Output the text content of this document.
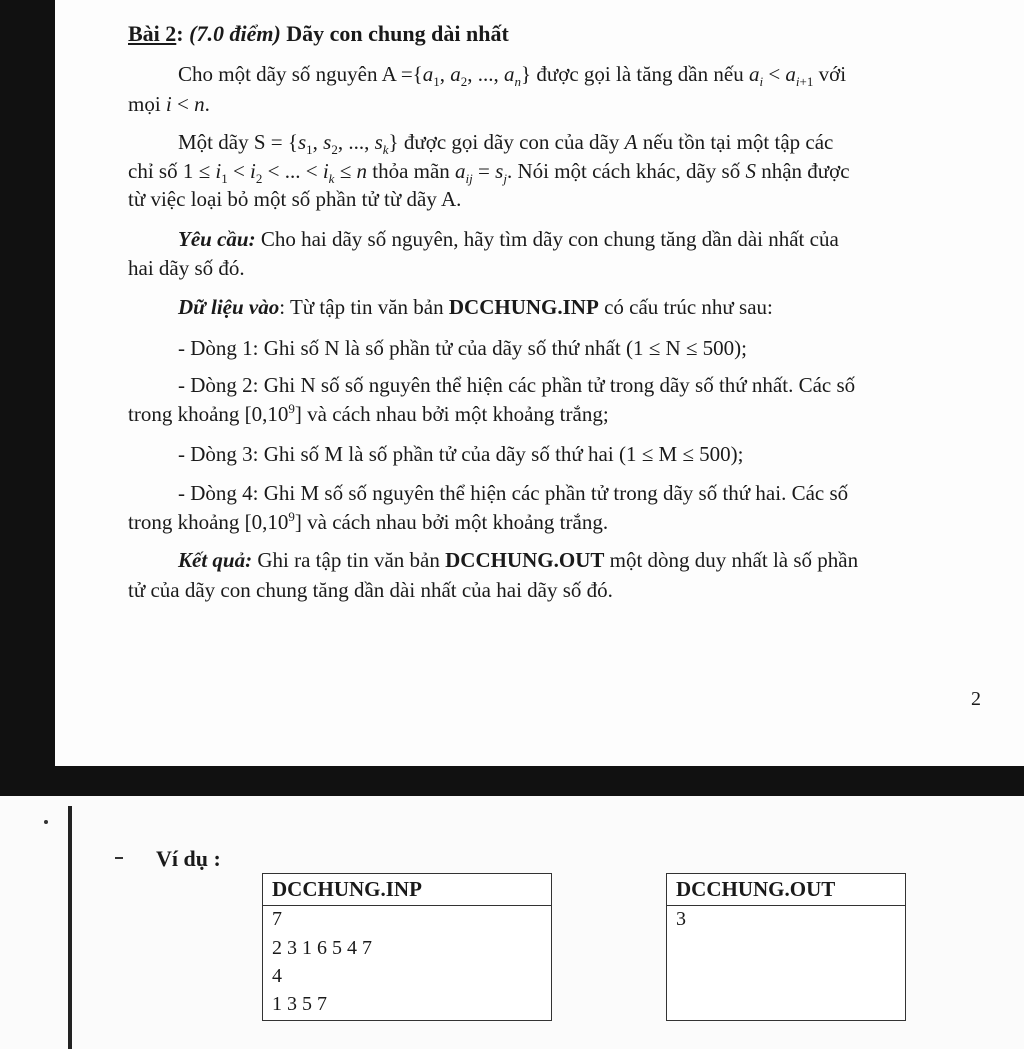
Bài 2: (7.0 điểm) Dãy con chung dài nhất
Cho một dãy số nguyên $A =\{a_1$, $a_2$, ..., $a_n$} được gọi là tăng dần nếu $a_i < a_{i+1}$ với
mọi i < n.
Một dãy $S = \{s_1$, $s_2$, ..., $s_k$} được gọi dãy con của dãy A nếu tồn tại một tập các
chỉ số $1 \le i_1 < i_2$ < ... < $i_k \le n$ thỏa mãn $a_{ij} = s_j$. Nói một cách khác, dãy số S nhận được
từ việc loại bỏ một số phần tử từ dãy A.
Yêu cầu: Cho hai dãy số nguyên, hãy tìm dãy con chung tăng dần dài nhất của
hai dãy số đó.
Dữ liệu vào: Từ tập tin văn bản DCCHUNG.INP có cấu trúc như sau:
- Dòng 1: Ghi số N là số phần tử của dãy số thứ nhất (1 ≤ N ≤ 500);
- Dòng 2: Ghi N số số nguyên thể hiện các phần tử trong dãy số thứ nhất. Các số
trong khoảng [0,10$^9$] và cách nhau bởi một khoảng trắng;
- Dòng 3: Ghi số M là số phần tử của dãy số thứ hai (1 ≤ M ≤ 500);
- Dòng 4: Ghi M số số nguyên thể hiện các phần tử trong dãy số thứ hai. Các số
trong khoảng [0,10$^9$] và cách nhau bởi một khoảng trắng.
Kết quả: Ghi ra tập tin văn bản DCCHUNG.OUT một dòng duy nhất là số phần
tử của dãy con chung tăng dần dài nhất của hai dãy số đó.
2
Ví dụ :
DCCHUNG.INP
7
2 3 1 6 5 4 7
4
1 3 5 7
DCCHUNG.OUT
3
